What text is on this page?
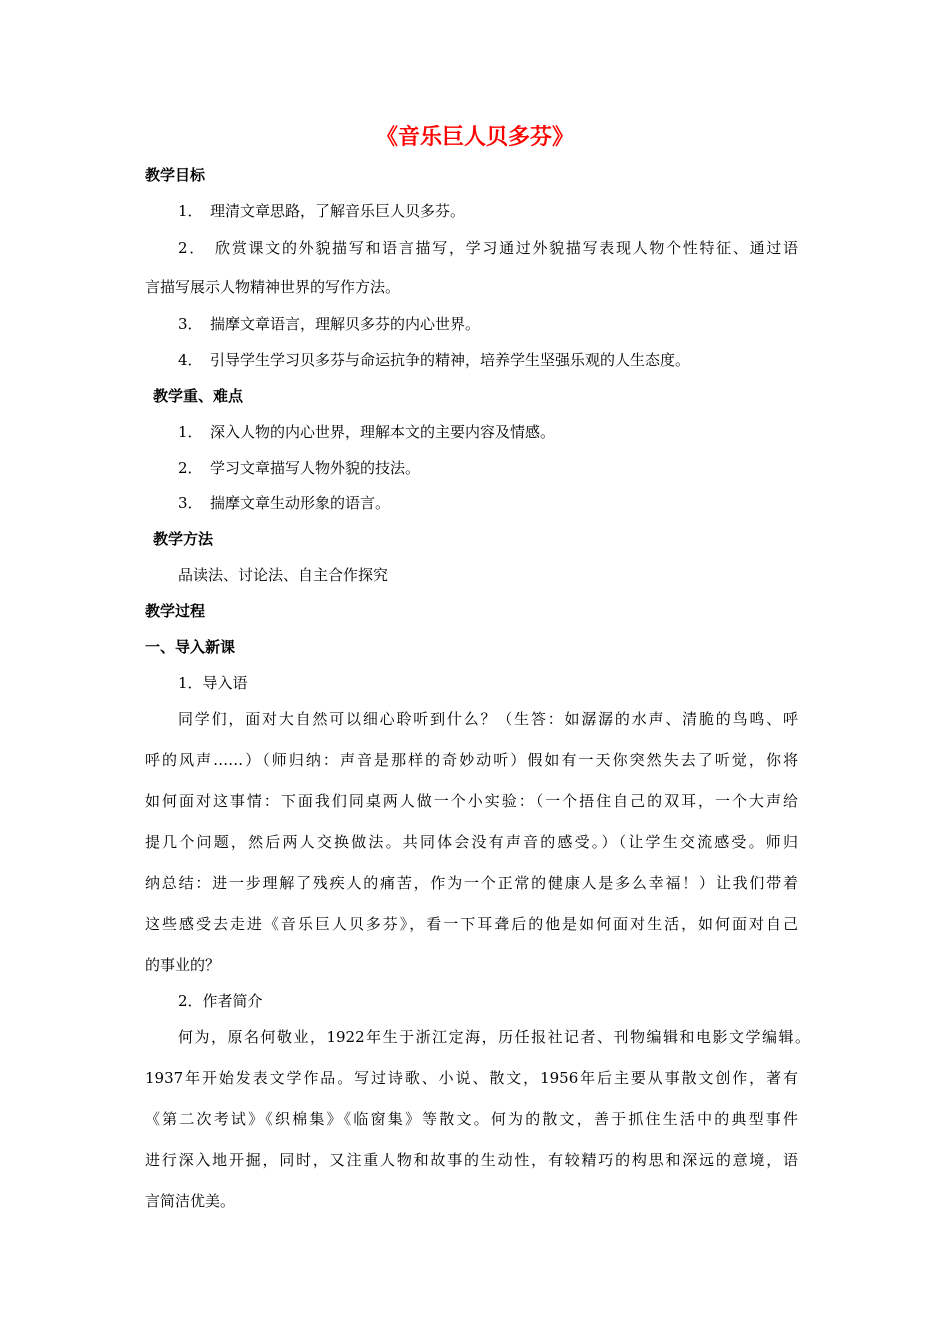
《音乐巨人贝多芬》
教学目标
1．　理清文章思路，了解音乐巨人贝多芬。
2．　欣赏课文的外貌描写和语言描写，学习通过外貌描写表现人物个性特征、通过语
言描写展示人物精神世界的写作方法。
3．　揣摩文章语言，理解贝多芬的内心世界。
4．　引导学生学习贝多芬与命运抗争的精神，培养学生坚强乐观的人生态度。
教学重、难点
1．　深入人物的内心世界，理解本文的主要内容及情感。
2．　学习文章描写人物外貌的技法。
3．　揣摩文章生动形象的语言。
教学方法
品读法、讨论法、自主合作探究
教学过程
一、导入新课
1．导入语
同学们，面对大自然可以细心聆听到什么？（生答：如潺潺的水声、清脆的鸟鸣、呼
呼的风声……）（师归纳：声音是那样的奇妙动听）假如有一天你突然失去了听觉，你将
如何面对这事情：下面我们同桌两人做一个小实验：（一个捂住自己的双耳，一个大声给
提几个问题，然后两人交换做法。共同体会没有声音的感受。）（让学生交流感受。师归
纳总结：进一步理解了残疾人的痛苦，作为一个正常的健康人是多么幸福！）让我们带着
这些感受去走进《音乐巨人贝多芬》，看一下耳聋后的他是如何面对生活，如何面对自己
的事业的？
2．作者简介
何为，原名何敬业，1922年生于浙江定海，历任报社记者、刊物编辑和电影文学编辑。
1937年开始发表文学作品。写过诗歌、小说、散文，1956年后主要从事散文创作，著有
《第二次考试》《织棉集》《临窗集》等散文。何为的散文，善于抓住生活中的典型事件
进行深入地开掘，同时，又注重人物和故事的生动性，有较精巧的构思和深远的意境，语
言简洁优美。
